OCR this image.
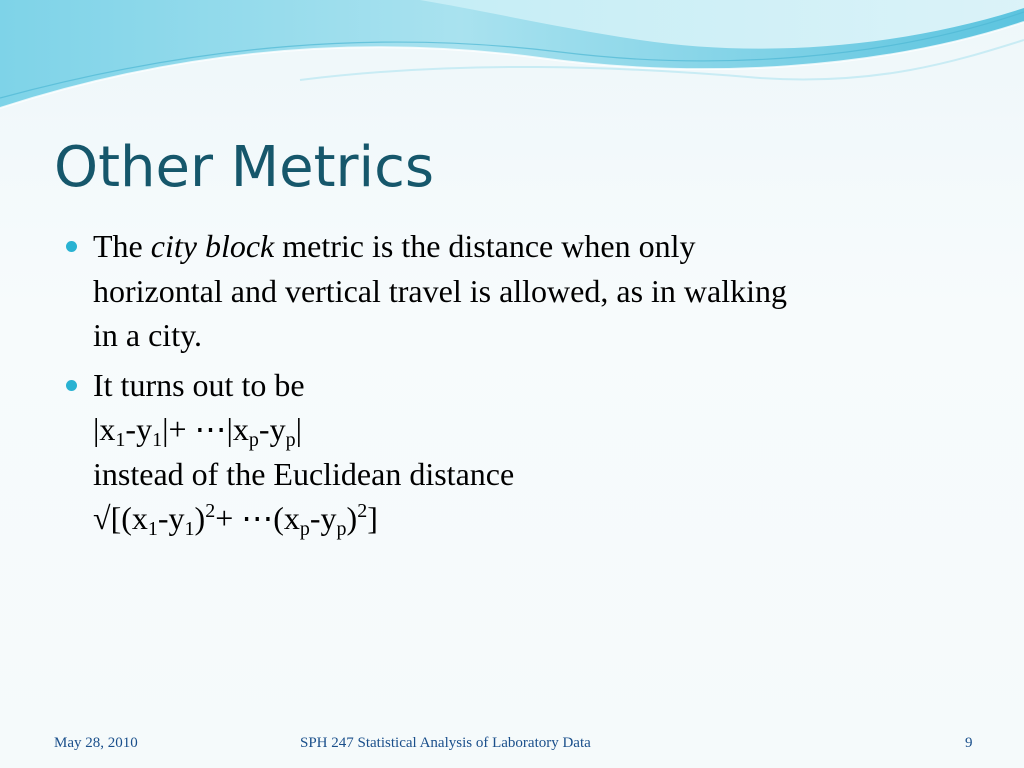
Other Metrics
The city block metric is the distance when only
horizontal and vertical travel is allowed, as in walking
in a city.
It turns out to be
$|x_1-y_1|+$ $\cdots|x_p-y_p|$
instead of the Euclidean distance
$√[(x_1-y_1)^2+$ $\cdots(x_p-y_p)^2$]
May 28, 2010	SPH 247 Statistical Analysis of Laboratory Data	9
